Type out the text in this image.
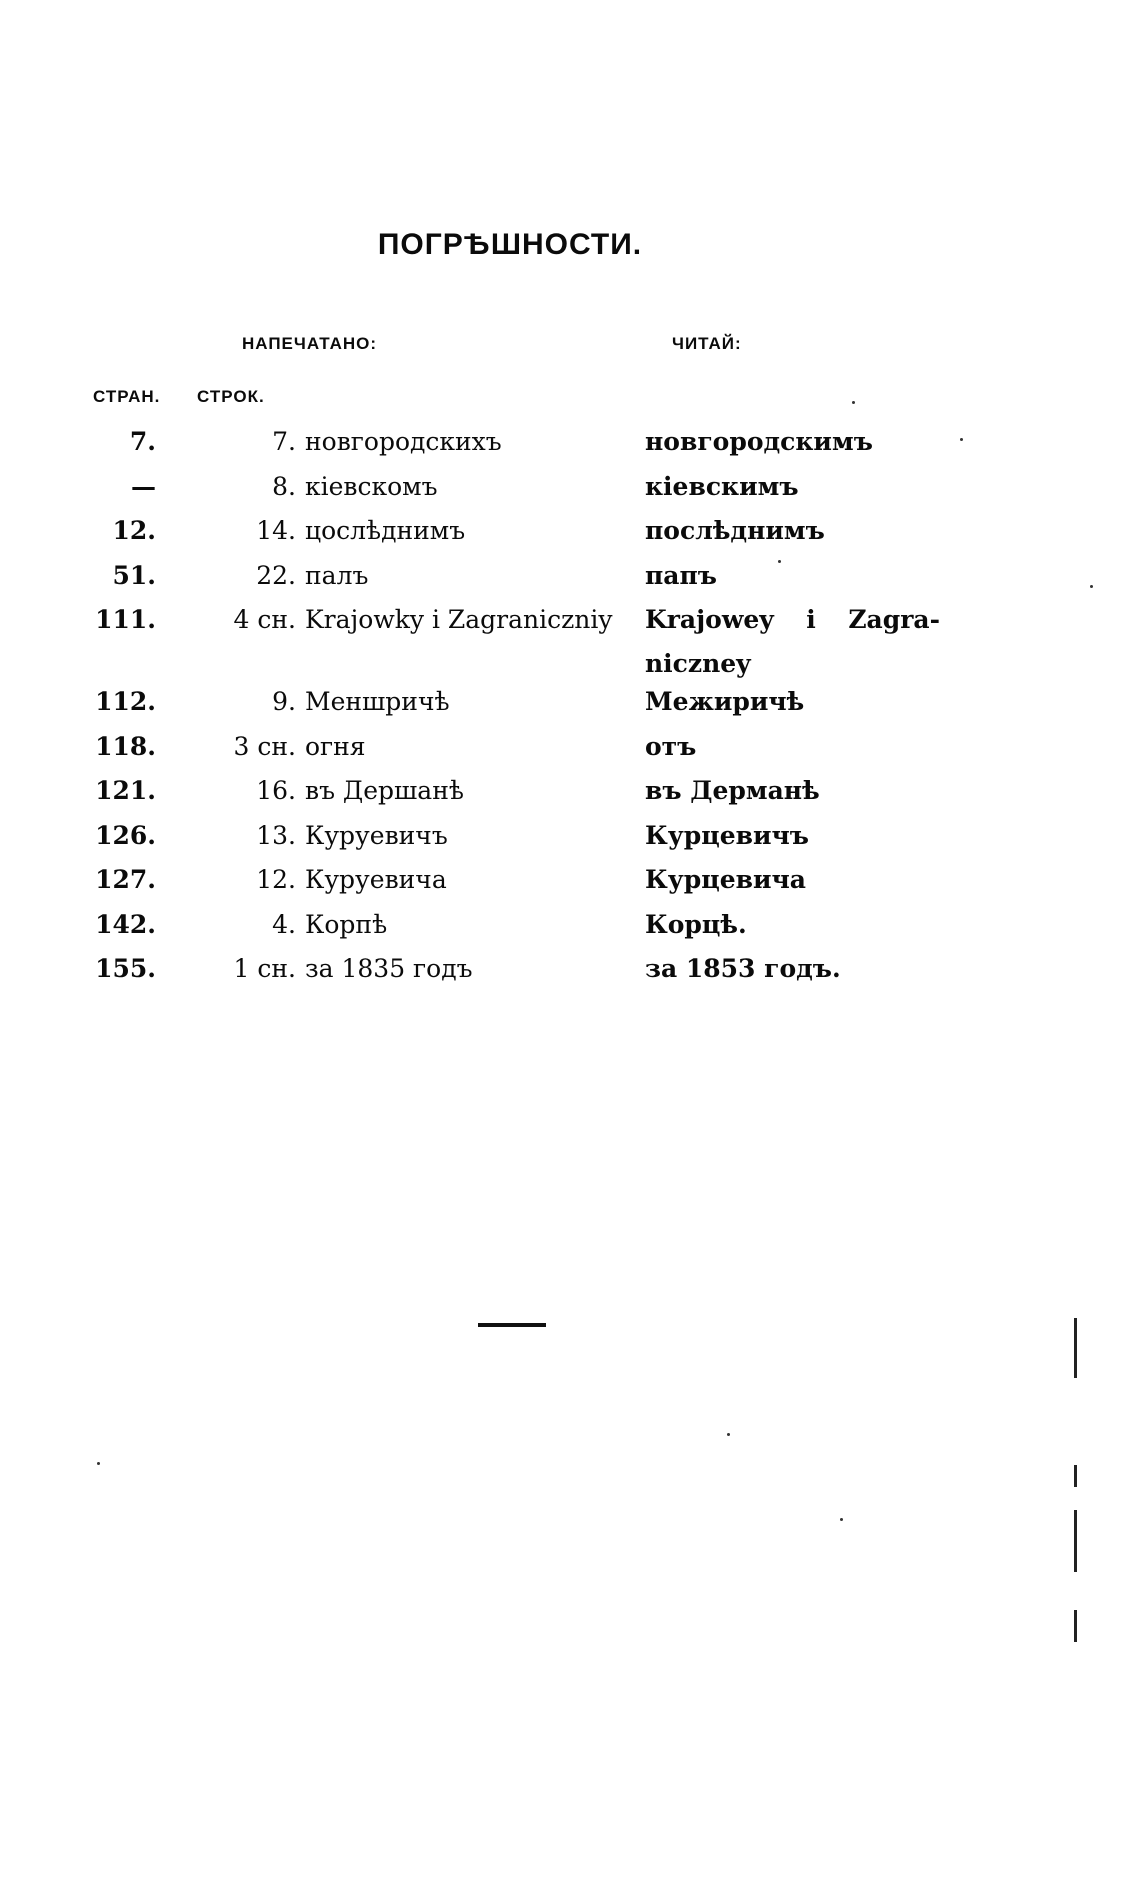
ПОГРѢШНОСТИ.
НАПЕЧАТАНО:	ЧИТАЙ:
СТРАН. СТРОК.
7.	7. новгородскихъ	новгородскимъ
—	8. кіевскомъ	кіевскимъ
12.	14. цослѣднимъ	послѣднимъ
51.	22. палъ	папъ
111.	4 сн. Krajowky i Zagraniczniy	Krajowey i Zagra-
niczney
112.	9. Меншричѣ	Межиричѣ
118.	3 сн. огня	отъ
121.	16. въ Дершанѣ	въ Дерманѣ
126.	13. Куруевичъ	Курцевичъ
127.	12. Куруевича	Курцевича
142.	4. Корпѣ	Корцѣ.
155.	1 сн. за 1835 годъ	за 1853 годъ.
